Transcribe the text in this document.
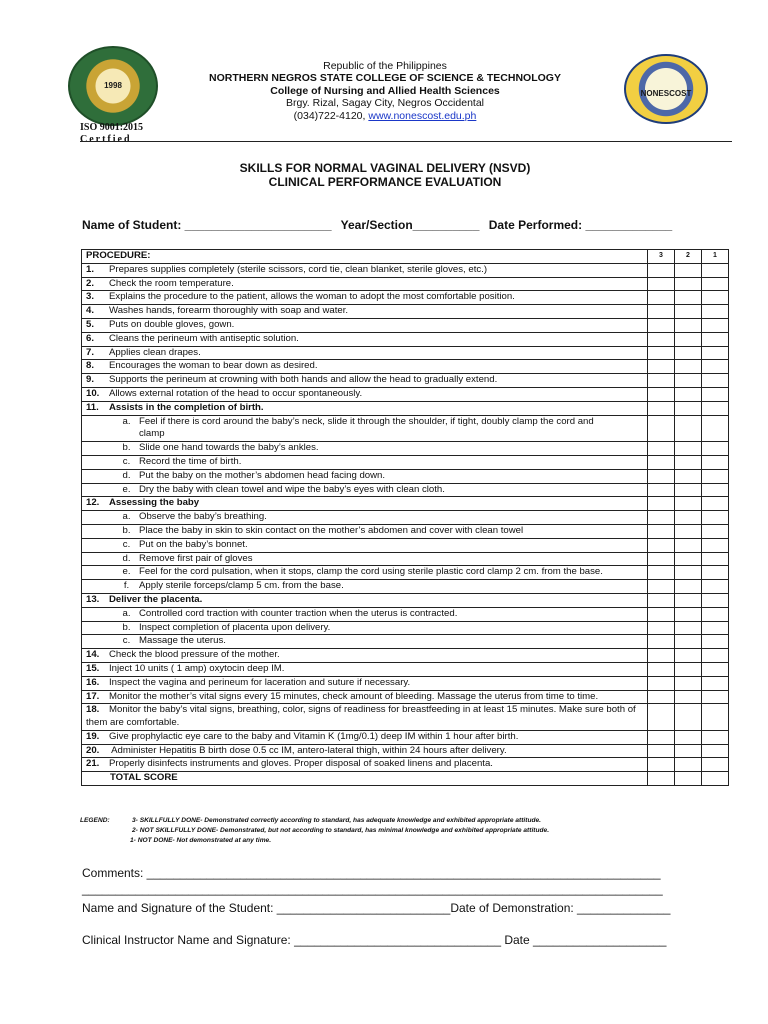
1998
NONESCOST
ISO 9001:2015
Certfied
Republic of the Philippines
NORTHERN NEGROS STATE COLLEGE OF SCIENCE & TECHNOLOGY
College of Nursing and Allied Health Sciences
Brgy. Rizal, Sagay City, Negros Occidental
(034)722-4120, www.nonescost.edu.ph
SKILLS FOR NORMAL VAGINAL DELIVERY (NSVD)
CLINICAL PERFORMANCE EVALUATION
Name of Student: ______________________ Year/Section__________ Date Performed: _____________
PROCEDURE:	3	2	1
1. Prepares supplies completely (sterile scissors, cord tie, clean blanket, sterile gloves, etc.)			
2. Check the room temperature.			
3. Explains the procedure to the patient, allows the woman to adopt the most comfortable position.			
4. Washes hands, forearm thoroughly with soap and water.			
5. Puts on double gloves, gown.			
6. Cleans the perineum with antiseptic solution.			
7. Applies clean drapes.			
8. Encourages the woman to bear down as desired.			
9. Supports the perineum at crowning with both hands and allow the head to gradually extend.			
10. Allows external rotation of the head to occur spontaneously.			
11. Assists in the completion of birth.			
a. Feel if there is cord around the baby’s neck, slide it through the shoulder, if tight, doubly clamp the cord and clamp			
b. Slide one hand towards the baby’s ankles.			
c. Record the time of birth.			
d. Put the baby on the mother’s abdomen head facing down.			
e. Dry the baby with clean towel and wipe the baby’s eyes with clean cloth.			
12. Assessing the baby			
a. Observe the baby’s breathing.			
b. Place the baby in skin to skin contact on the mother’s abdomen and cover with clean towel			
c. Put on the baby’s bonnet.			
d. Remove first pair of gloves			
e.Feel for the cord pulsation, when it stops, clamp the cord using sterile plastic cord clamp 2 cm. from the base.			
f. Apply sterile forceps/clamp 5 cm. from the base.			
13. Deliver the placenta.			
a. Controlled cord traction with counter traction when the uterus is contracted.			
b. Inspect completion of placenta upon delivery.			
c. Massage the uterus.			
14. Check the blood pressure of the mother.			
15. Inject 10 units ( 1 amp) oxytocin deep IM.			
16. Inspect the vagina and perineum for laceration and suture if necessary.			
17. Monitor the mother’s vital signs every 15 minutes, check amount of bleeding. Massage the uterus from time to time.			
18. Monitor the baby’s vital signs, breathing, color, signs of readiness for breastfeeding in at least 15 minutes. Make sure both of them are comfortable.			
19. Give prophylactic eye care to the baby and Vitamin K (1mg/0.1) deep IM within 1 hour after birth.			
20. Administer Hepatitis B birth dose 0.5 cc IM, antero-lateral thigh, within 24 hours after delivery.			
21. Properly disinfects instruments and gloves. Proper disposal of soaked linens and placenta.			
TOTAL SCORE			
LEGEND:	3- SKILLFULLY DONE- Demonstrated correctly according to standard, has adequate knowledge and exhibited appropriate attitude.
2- NOT SKILLFULLY DONE- Demonstrated, but not according to standard, has minimal knowledge and exhibited appropriate attitude.
1- NOT DONE- Not demonstrated at any time.
Comments: _____________________________________________________________________________
_______________________________________________________________________________________
Name and Signature of the Student: __________________________Date of Demonstration: ______________
Clinical Instructor Name and Signature: _______________________________ Date ____________________
